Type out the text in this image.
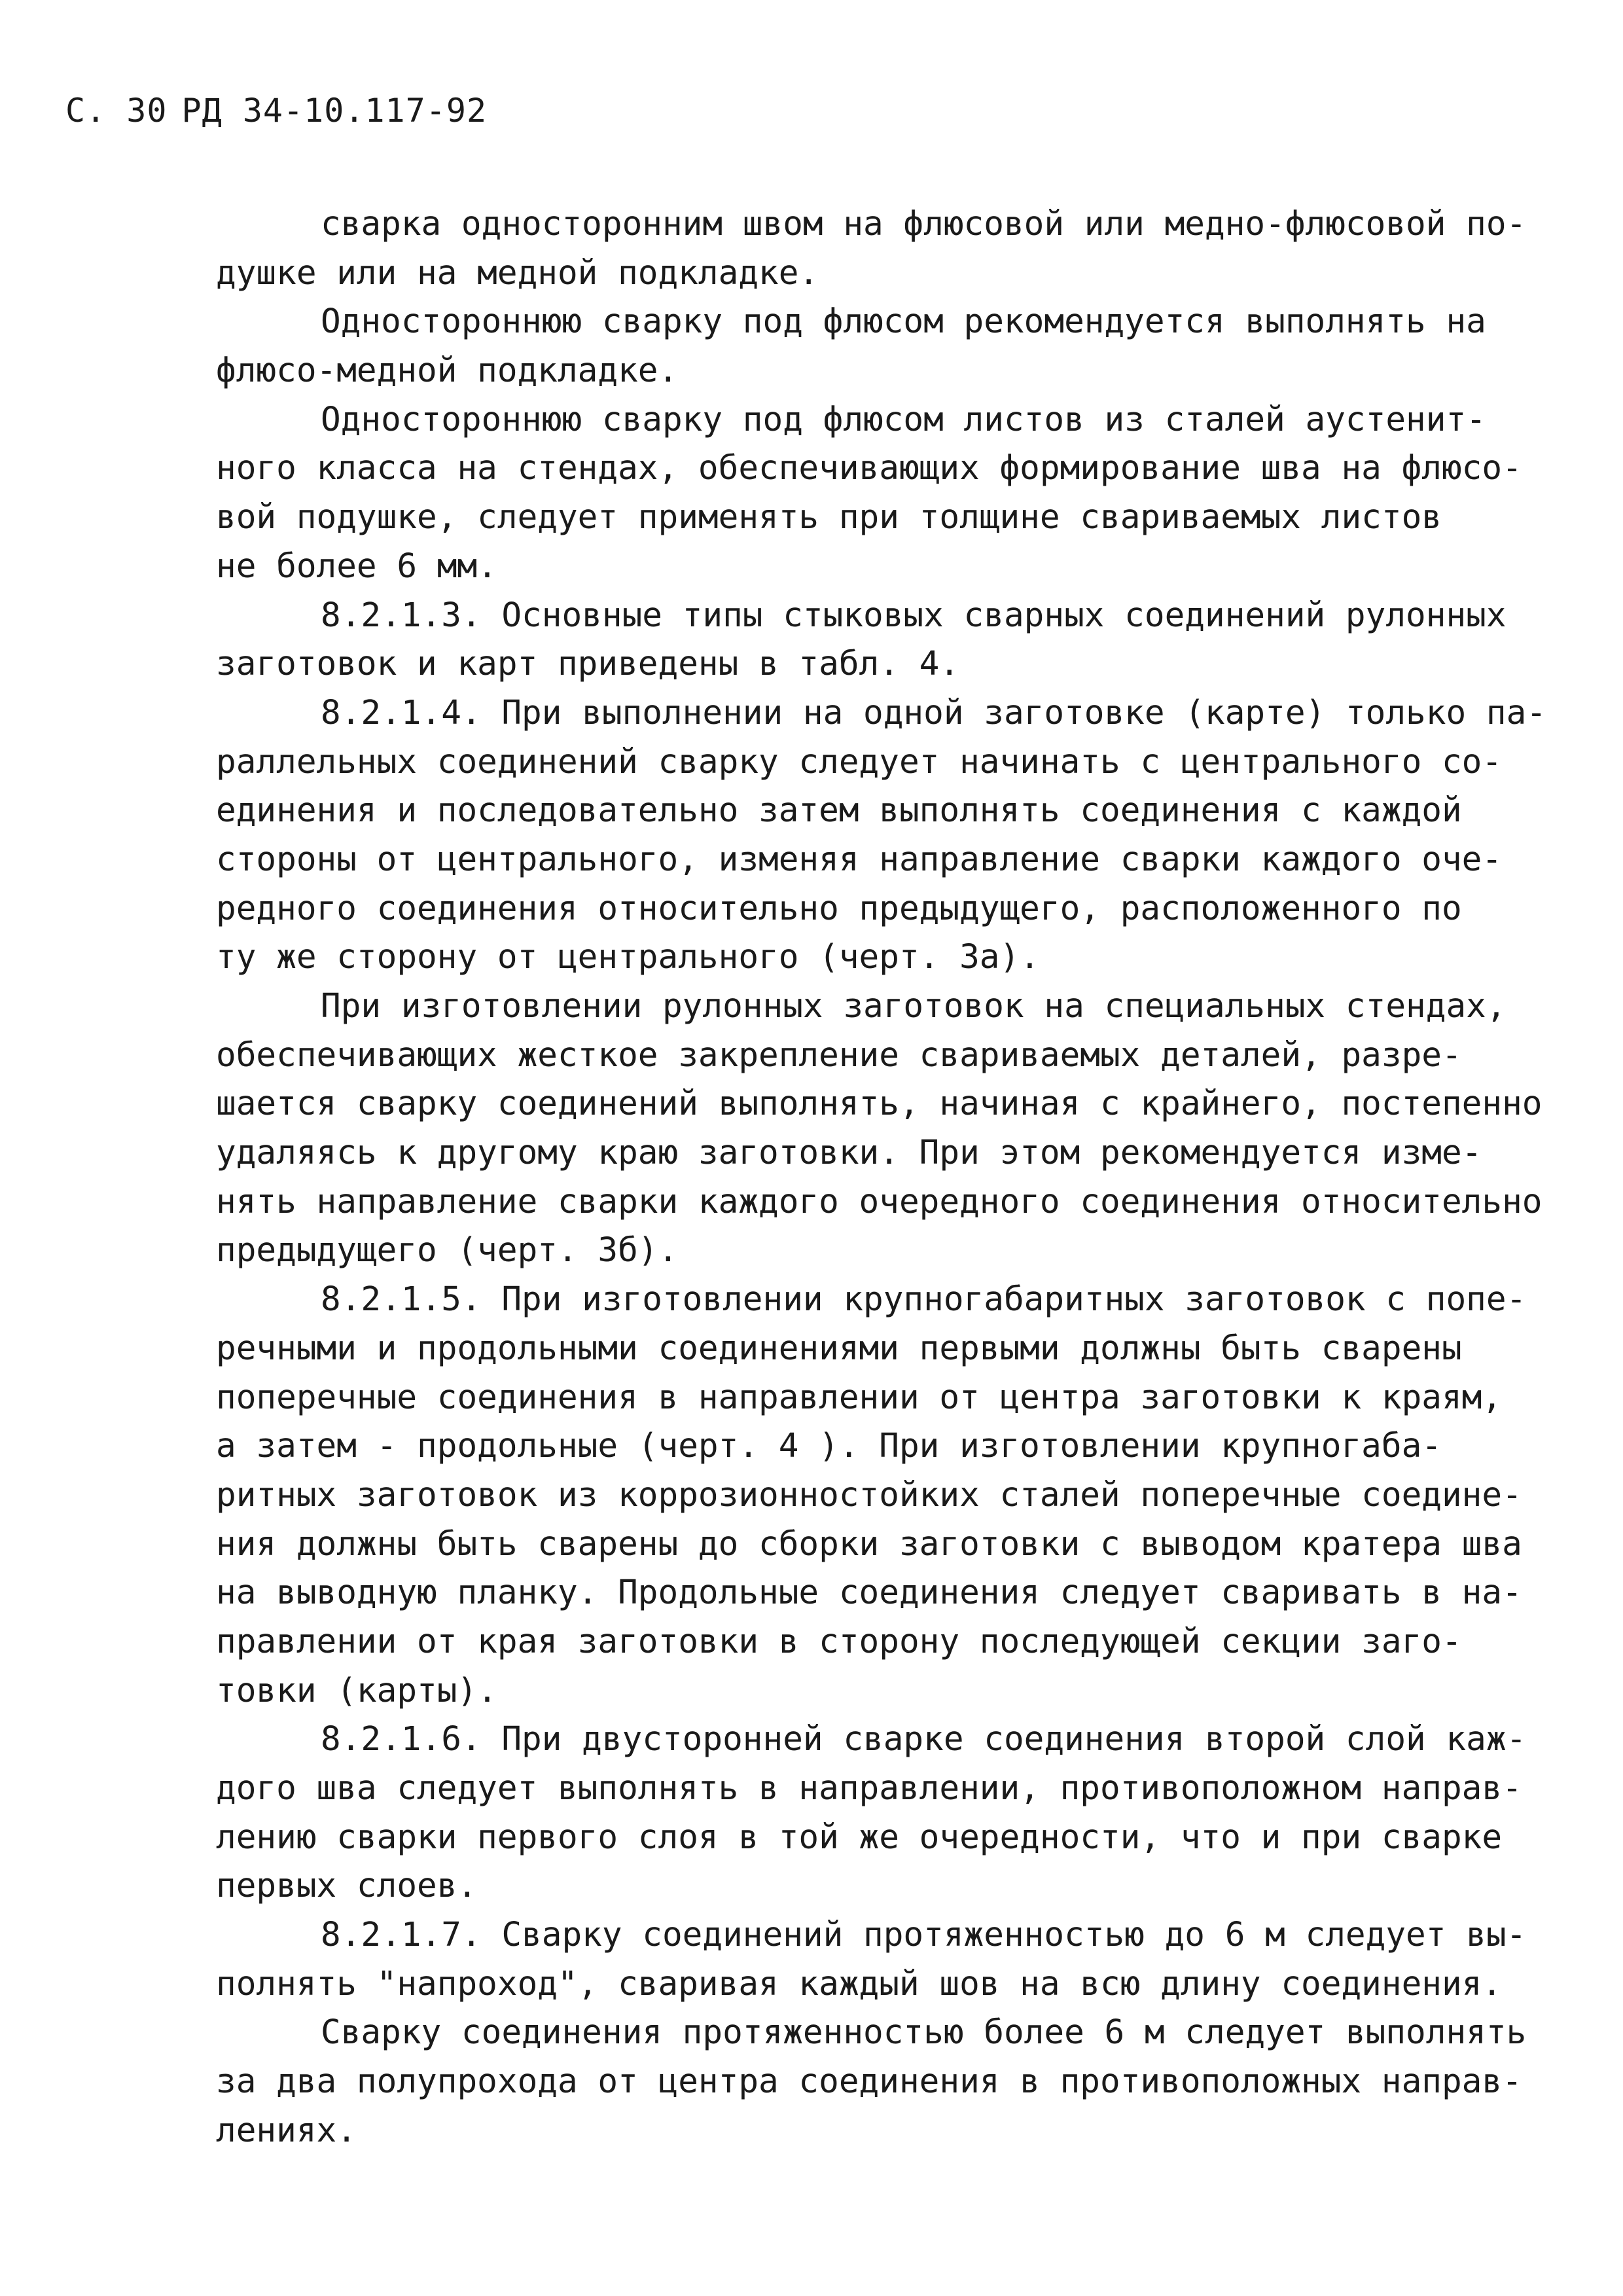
С. 30 РД 34-10.117-92
сварка односторонним швом на флюсовой или медно-флюсовой по-
душке или на медной подкладке.
Одностороннюю сварку под флюсом рекомендуется выполнять на
флюсо-медной подкладке.
Одностороннюю сварку под флюсом листов из сталей аустенит-
ного класса на стендах, обеспечивающих формирование шва на флюсо-
вой подушке, следует применять при толщине свариваемых листов
не более 6 мм.
8.2.1.3. Основные типы стыковых сварных соединений рулонных
заготовок и карт приведены в табл. 4.
8.2.1.4. При выполнении на одной заготовке (карте) только па-
раллельных соединений сварку следует начинать с центрального со-
единения и последовательно затем выполнять соединения с каждой
стороны от центрального, изменяя направление сварки каждого оче-
редного соединения относительно предыдущего, расположенного по
ту же сторону от центрального (черт. 3а).
При изготовлении рулонных заготовок на специальных стендах,
обеспечивающих жесткое закрепление свариваемых деталей, разре-
шается сварку соединений выполнять, начиная с крайнего, постепенно
удаляясь к другому краю заготовки. При этом рекомендуется изме-
нять направление сварки каждого очередного соединения относительно
предыдущего (черт. 3б).
8.2.1.5. При изготовлении крупногабаритных заготовок с попе-
речными и продольными соединениями первыми должны быть сварены
поперечные соединения в направлении от центра заготовки к краям,
а затем - продольные (черт. 4 ). При изготовлении крупногаба-
ритных заготовок из коррозионностойких сталей поперечные соедине-
ния должны быть сварены до сборки заготовки с выводом кратера шва
на выводную планку. Продольные соединения следует сваривать в на-
правлении от края заготовки в сторону последующей секции заго-
товки (карты).
8.2.1.6. При двусторонней сварке соединения второй слой каж-
дого шва следует выполнять в направлении, противоположном направ-
лению сварки первого слоя в той же очередности, что и при сварке
первых слоев.
8.2.1.7. Сварку соединений протяженностью до 6 м следует вы-
полнять "напроход", сваривая каждый шов на всю длину соединения.
Сварку соединения протяженностью более 6 м следует выполнять
за два полупрохода от центра соединения в противоположных направ-
лениях.
